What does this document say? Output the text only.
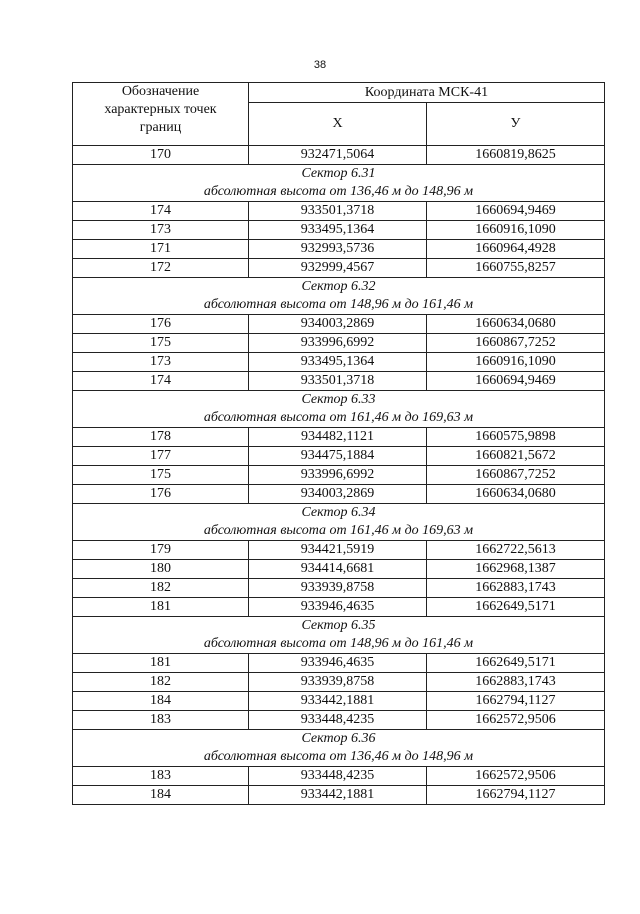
38
Обозначение
характерных точек
границ	Координата МСК-41	
	Х	У
170	932471,5064	1660819,8625
Сектор 6.31		
абсолютная высота от 136,46 м до 148,96 м		
174	933501,3718	1660694,9469
173	933495,1364	1660916,1090
171	932993,5736	1660964,4928
172	932999,4567	1660755,8257
Сектор 6.32		
абсолютная высота от 148,96 м до 161,46 м		
176	934003,2869	1660634,0680
175	933996,6992	1660867,7252
173	933495,1364	1660916,1090
174	933501,3718	1660694,9469
Сектор 6.33		
абсолютная высота от 161,46 м до 169,63 м		
178	934482,1121	1660575,9898
177	934475,1884	1660821,5672
175	933996,6992	1660867,7252
176	934003,2869	1660634,0680
Сектор 6.34		
абсолютная высота от 161,46 м до 169,63 м		
179	934421,5919	1662722,5613
180	934414,6681	1662968,1387
182	933939,8758	1662883,1743
181	933946,4635	1662649,5171
Сектор 6.35		
абсолютная высота от 148,96 м до 161,46 м		
181	933946,4635	1662649,5171
182	933939,8758	1662883,1743
184	933442,1881	1662794,1127
183	933448,4235	1662572,9506
Сектор 6.36		
абсолютная высота от 136,46 м до 148,96 м		
183	933448,4235	1662572,9506
184	933442,1881	1662794,1127
